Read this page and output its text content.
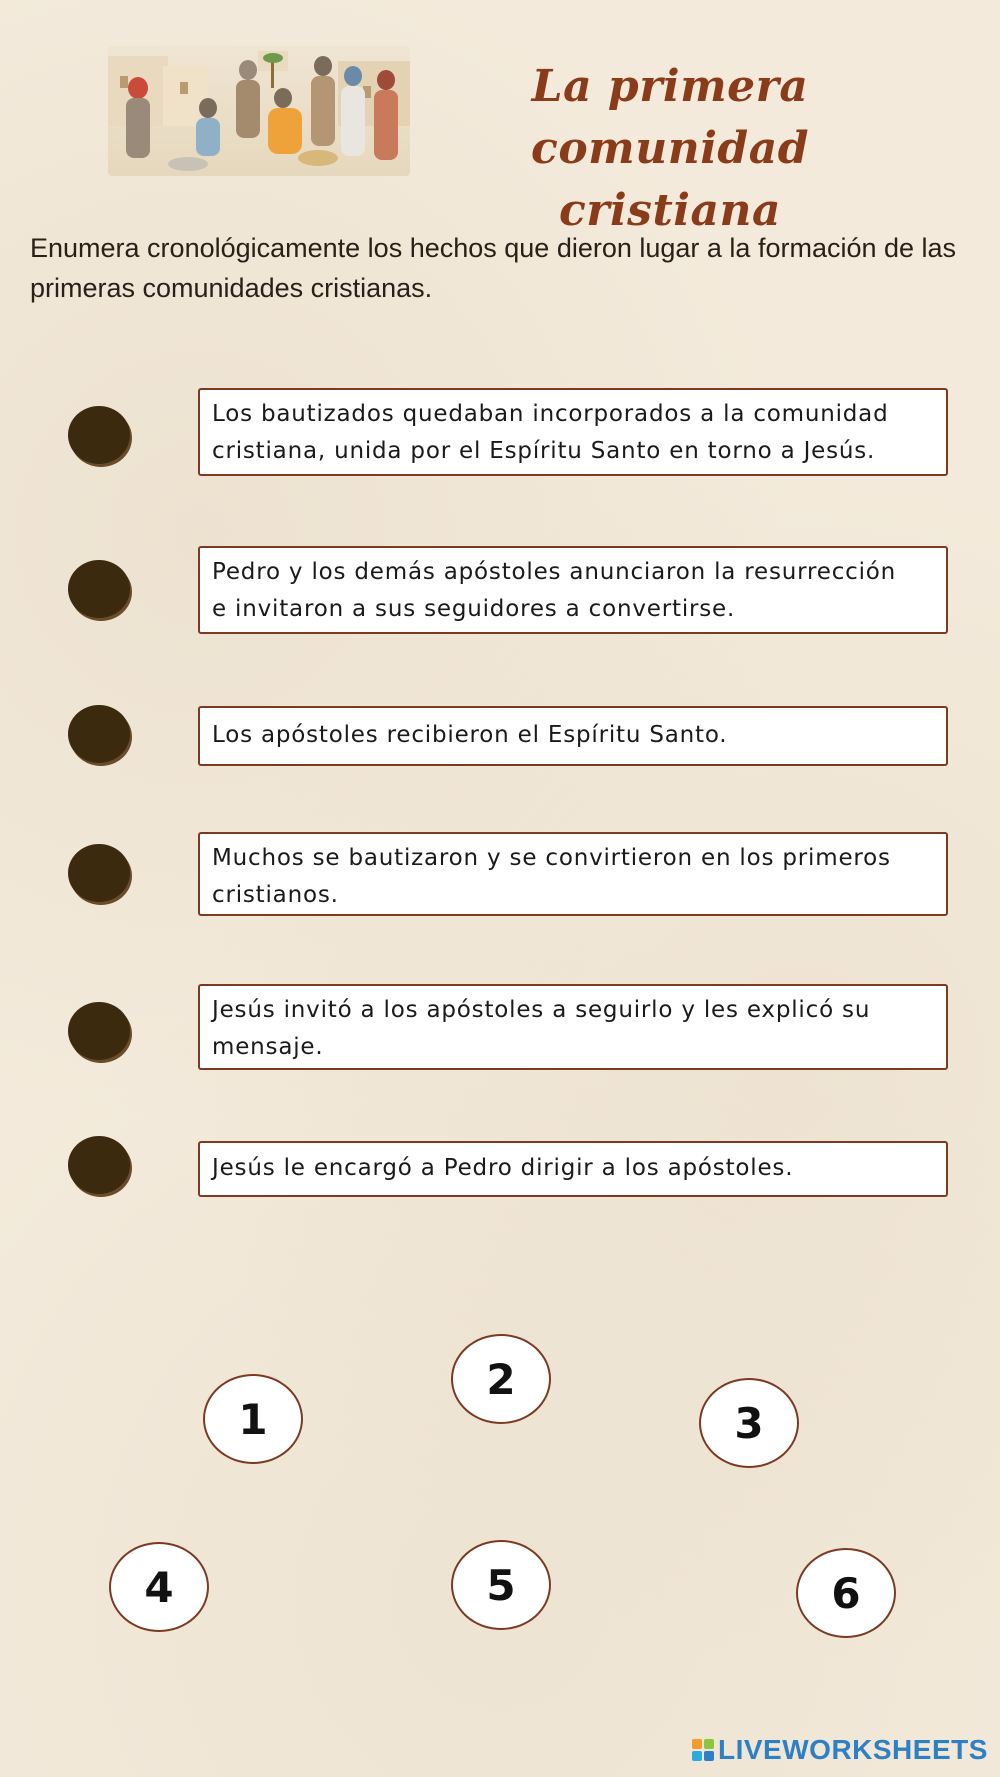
La primera
comunidad cristiana
Enumera cronológicamente los hechos que dieron lugar a la formación de las primeras comunidades cristianas.
Los bautizados quedaban incorporados a la comunidad
cristiana, unida por el Espíritu Santo en torno a Jesús.
Pedro y los demás apóstoles anunciaron la resurrección
e invitaron a sus seguidores a convertirse.
Los apóstoles recibieron el Espíritu Santo.
Muchos se bautizaron y se convirtieron en los primeros
cristianos.
Jesús invitó a los apóstoles a seguirlo y les explicó su
mensaje.
Jesús le encargó a Pedro dirigir a los apóstoles.
1
2
3
4	5	6
LIVEWORKSHEETS
